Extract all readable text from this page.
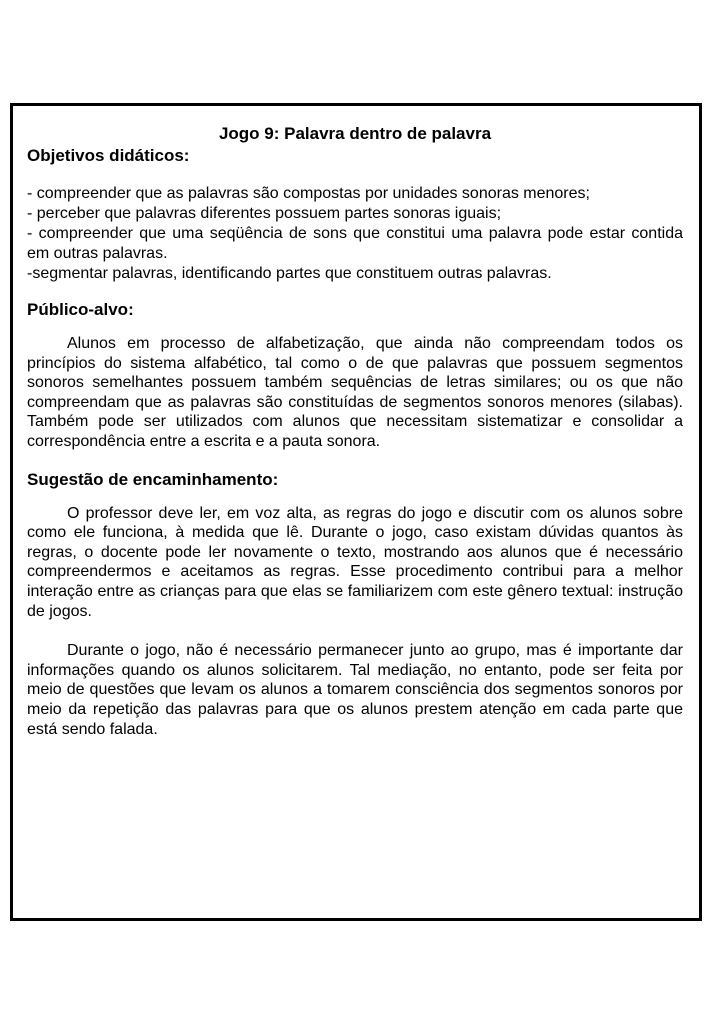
Jogo 9: Palavra dentro de palavra
Objetivos didáticos:
- compreender que as palavras são compostas por unidades sonoras menores;
- perceber que palavras diferentes possuem partes sonoras iguais;
- compreender que uma seqüência de sons que constitui uma palavra pode estar contida em outras palavras.
-segmentar palavras, identificando partes que constituem outras palavras.
Público-alvo:

Alunos em processo de alfabetização, que ainda não compreendam todos os princípios do sistema alfabético, tal como o de que palavras que possuem segmentos sonoros semelhantes possuem também sequências de letras similares; ou os que não compreendam que as palavras são constituídas de segmentos sonoros menores (silabas). Também pode ser utilizados com alunos que necessitam sistematizar e consolidar a correspondência entre a escrita e a pauta sonora.

Sugestão de encaminhamento:

O professor deve ler, em voz alta, as regras do jogo e discutir com os alunos sobre como ele funciona, à medida que lê. Durante o jogo, caso existam dúvidas quantos às regras, o docente pode ler novamente o texto, mostrando aos alunos que é necessário compreendermos e aceitamos as regras. Esse procedimento contribui para a melhor interação entre as crianças para que elas se familiarizem com este gênero textual: instrução de jogos.

Durante o jogo, não é necessário permanecer junto ao grupo, mas é importante dar informações quando os alunos solicitarem. Tal mediação, no entanto, pode ser feita por meio de questões que levam os alunos a tomarem consciência dos segmentos sonoros por meio da repetição das palavras para que os alunos prestem atenção em cada parte que está sendo falada.
